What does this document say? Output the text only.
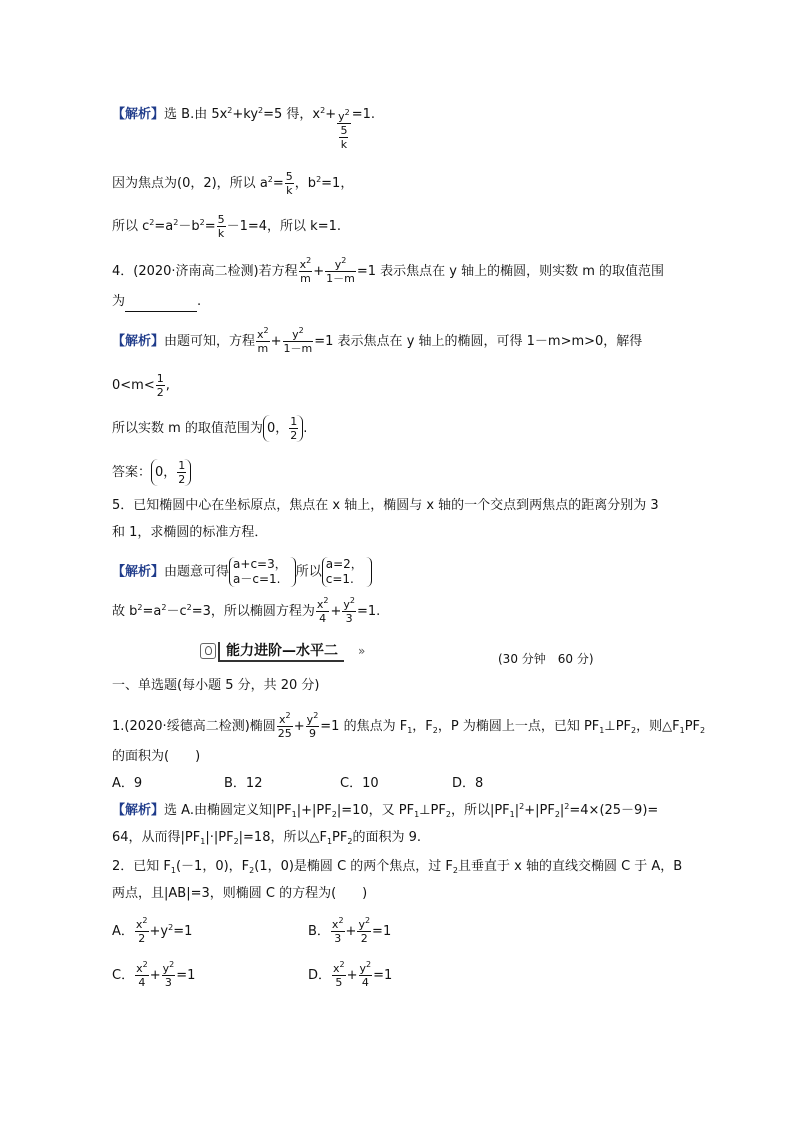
【解析】选 B.由 $5x^2+ky^2=5$ 得，$x^2+ \frac{y^2}{\frac{5}{k}} =1$.
因为焦点为(0，2)，所以 $a^2= \frac{5}{k}$ ，$b^2=1$，
所以 $c^2=a^2-b^2= \frac{5}{k} -1=4$，所以 k=1.
4．(2020·济南高二检测)若方程 $\frac{x^2}{m} + \frac{y^2}{1-m} =1$ 表示焦点在 y 轴上的椭圆，则实数 m 的取值范围
为	.
【解析】由题可知，方程 $\frac{x^2}{m} + \frac{y^2}{1-m} =1$ 表示焦点在 y 轴上的椭圆，可得 1－m>m>0，解得
$0<m< \frac{1}{2}$ ,
所以实数 m 的取值范围为 0， $\frac{1}{2}$ .
答案： 0， $\frac{1}{2}$
5．已知椭圆中心在坐标原点，焦点在 x 轴上，椭圆与 x 轴的一个交点到两焦点的距离分别为 3
和 1，求椭圆的标准方程．
【解析】由题意可得a+c=3，
a－c=1. 所以a=2，
c=1.
故 $b^2=a^2-c^2=3$，所以椭圆方程为 $\frac{x^2}{4} + \frac{y^2}{3} =1$.
能力进阶—水平二	»
(30 分钟　60 分)
一、单选题(每小题 5 分，共 20 分)
1.(2020·绥德高二检测)椭圆 $\frac{x^2}{25} + \frac{y^2}{9} =1$ 的焦点为 $F_1$，$F_2$，P 为椭圆上一点，已知 $PF_1\perp PF_2$，则$\triangle F_1PF_2$
的面积为(　　)
A．9	B．12	C．10	D．8
【解析】选 A.由椭圆定义知$|PF_1|+|PF_2|=10$，又 $PF_1\perp PF_2$，所以$|PF_1|^2+|PF_2|^2=4\times(25-9)=$
64，从而得$|PF_1|\cdot|PF_2|=18$，所以$\triangle F_1PF_2$的面积为 9.
2．已知 $F_1(-1$，0)，$F_2(1$，0)是椭圆 C 的两个焦点，过 $F_2$且垂直于 x 轴的直线交椭圆 C 于 A，B
两点，且|AB|=3，则椭圆 C 的方程为(　　)
A． $\frac{x^2}{2} +y^2=1$	B． $\frac{x^2}{3} + \frac{y^2}{2} =1$
C． $\frac{x^2}{4} + \frac{y^2}{3} =1$	D． $\frac{x^2}{5} + \frac{y^2}{4} =1$
